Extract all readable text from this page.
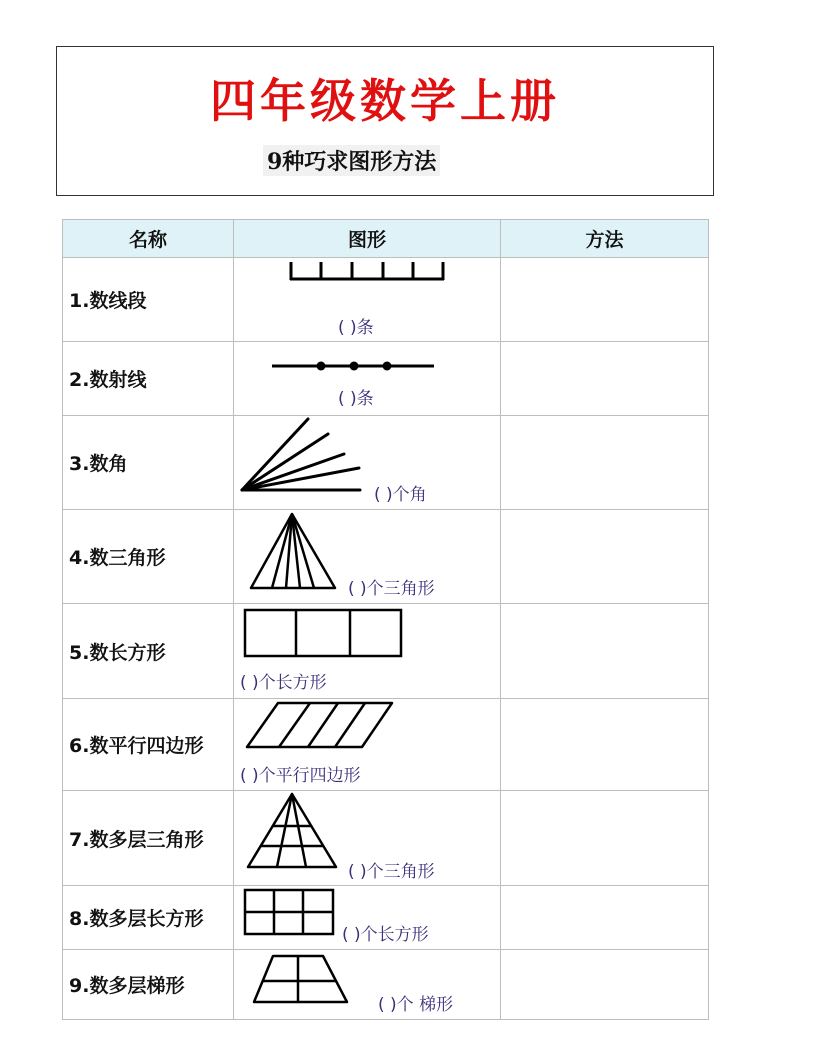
四年级数学上册
9种巧求图形方法
名称	图形	方法
1.数线段	( )条	

2.数射线	( )条	

3.数角	( )个角	

4.数三角形	( )个三角形	

5.数长方形	( )个长方形	

6.数平行四边形	( )个平行四边形	

7.数多层三角形	( )个三角形	

8.数多层长方形	( )个长方形	

9.数多层梯形	( )个 梯形	
